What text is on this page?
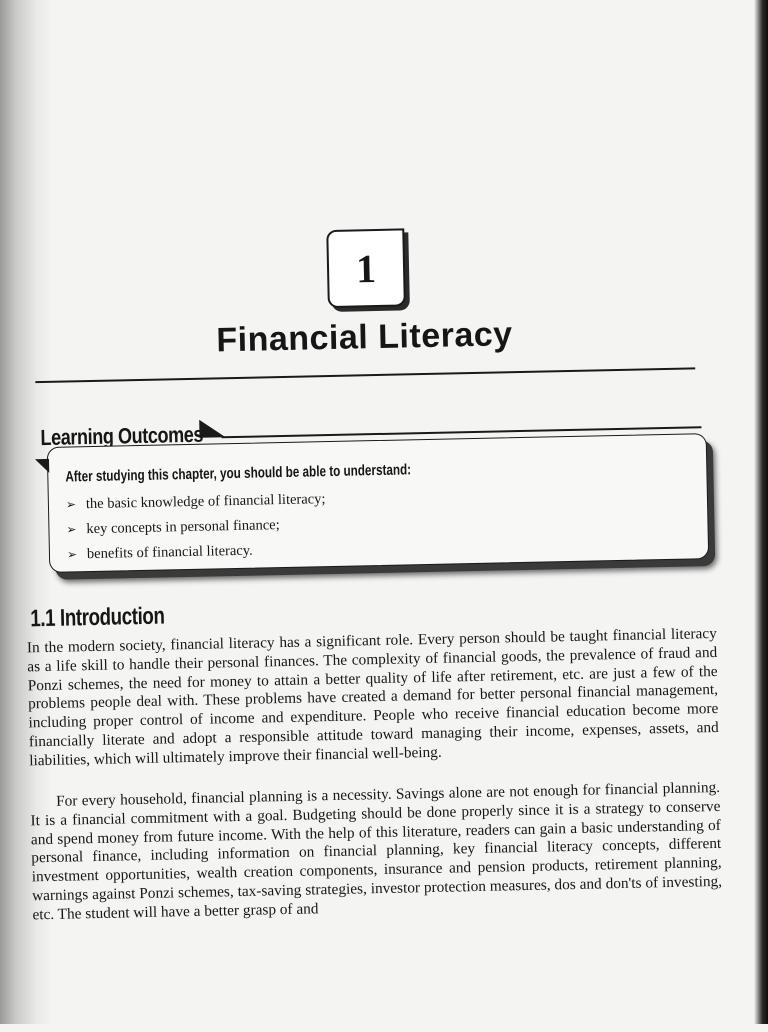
1
Financial Literacy
Learning Outcomes
After studying this chapter, you should be able to understand:
➢ the basic knowledge of financial literacy;
➢ key concepts in personal finance;
➢ benefits of financial literacy.
1.1 Introduction

In the modern society, financial literacy has a significant role. Every person should be taught financial literacy as a life skill to handle their personal finances. The complexity of financial goods, the prevalence of fraud and Ponzi schemes, the need for money to attain a better quality of life after retirement, etc. are just a few of the problems people deal with. These problems have created a demand for better personal financial management, including proper control of income and expenditure. People who receive financial education become more financially literate and adopt a responsible attitude toward managing their income, expenses, assets, and liabilities, which will ultimately improve their financial well-being.

For every household, financial planning is a necessity. Savings alone are not enough for financial planning. It is a financial commitment with a goal. Budgeting should be done properly since it is a strategy to conserve and spend money from future income. With the help of this literature, readers can gain a basic understanding of personal finance, including information on financial planning, key financial literacy concepts, different investment opportunities, wealth creation components, insurance and pension products, retirement planning, warnings against Ponzi schemes, tax-saving strategies, investor protection measures, dos and don'ts of investing, etc. The student will have a better grasp of and
